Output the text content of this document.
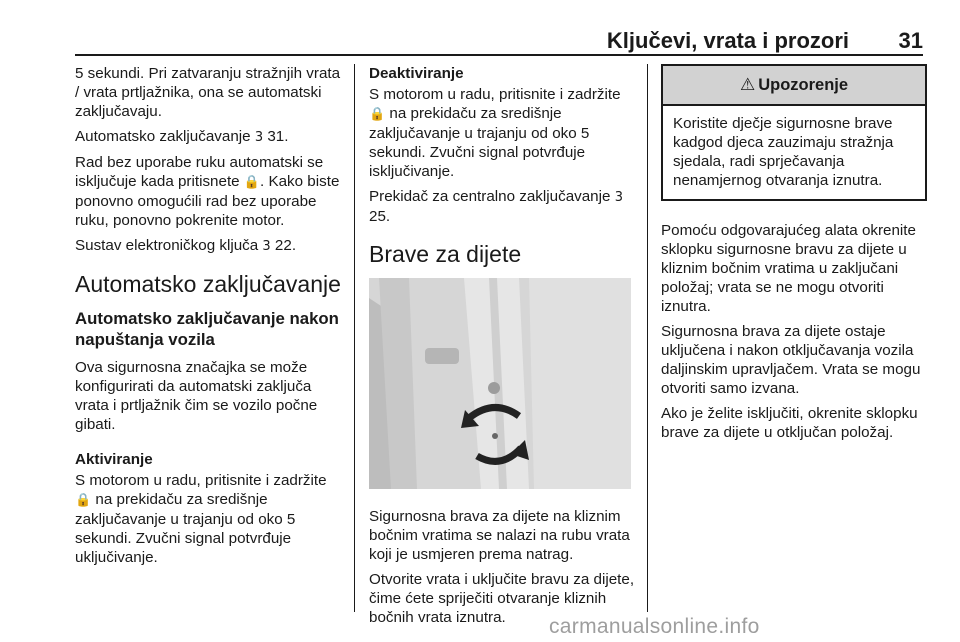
Ključevi, vrata i prozori 31

5 sekundi. Pri zatvaranju stražnjih vrata / vrata prtljažnika, ona se automatski zaključavaju.

Automatsko zaključavanje 3 31.

Rad bez uporabe ruku automatski se isključuje kada pritisnete 🔒. Kako biste ponovno omogućili rad bez uporabe ruku, ponovno pokrenite motor.

Sustav elektroničkog ključa 3 22.

Automatsko zaključavanje
Automatsko zaključavanje nakon napuštanja vozila

Ova sigurnosna značajka se može konfigurirati da automatski zaključa vrata i prtljažnik čim se vozilo počne gibati.

Aktiviranje

S motorom u radu, pritisnite i zadržite 🔒 na prekidaču za središnje zaključavanje u trajanju od oko 5 sekundi. Zvučni signal potvrđuje uključivanje.

Deaktiviranje

S motorom u radu, pritisnite i zadržite 🔒 na prekidaču za središnje zaključavanje u trajanju od oko 5 sekundi. Zvučni signal potvrđuje isključivanje.

Prekidač za centralno zaključavanje 3 25.

Brave za dijete

Sigurnosna brava za dijete na kliznim bočnim vratima se nalazi na rubu vrata koji je usmjeren prema natrag.

Otvorite vrata i uključite bravu za dijete, čime ćete spriječiti otvaranje kliznih bočnih vrata iznutra.

⚠ Upozorenje
Koristite dječje sigurnosne brave kadgod djeca zauzimaju stražnja sjedala, radi sprječavanja nenamjernog otvaranja iznutra.

Pomoću odgovarajućeg alata okrenite sklopku sigurnosne bravu za dijete u kliznim bočnim vratima u zaključani položaj; vrata se ne mogu otvoriti iznutra.

Sigurnosna brava za dijete ostaje uključena i nakon otključavanja vozila daljinskim upravljačem. Vrata se mogu otvoriti samo izvana.

Ako je želite isključiti, okrenite sklopku brave za dijete u otključan položaj.

carmanualsonline.info
